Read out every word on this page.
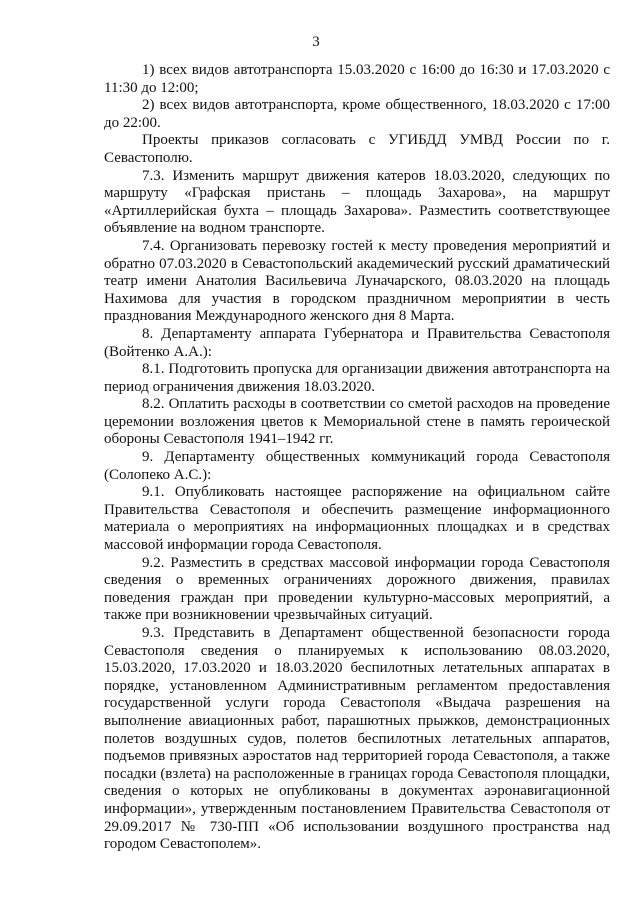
3

1) всех видов автотранспорта 15.03.2020 с 16:00 до 16:30 и 17.03.2020 с 11:30 до 12:00;

2) всех видов автотранспорта, кроме общественного, 18.03.2020 с 17:00 до 22:00.

Проекты приказов согласовать с УГИБДД УМВД России по г. Севастополю.

7.3. Изменить маршрут движения катеров 18.03.2020, следующих по маршруту «Графская пристань – площадь Захарова», на маршрут «Артиллерийская бухта – площадь Захарова». Разместить соответствующее объявление на водном транспорте.

7.4. Организовать перевозку гостей к месту проведения мероприятий и обратно 07.03.2020 в Севастопольский академический русский драматический театр имени Анатолия Васильевича Луначарского, 08.03.2020 на площадь Нахимова для участия в городском праздничном мероприятии в честь празднования Международного женского дня 8 Марта.

8. Департаменту аппарата Губернатора и Правительства Севастополя (Войтенко А.А.):

8.1. Подготовить пропуска для организации движения автотранспорта на период ограничения движения 18.03.2020.

8.2. Оплатить расходы в соответствии со сметой расходов на проведение церемонии возложения цветов к Мемориальной стене в память героической обороны Севастополя 1941–1942 гг.

9. Департаменту общественных коммуникаций города Севастополя (Солопеко А.С.):

9.1. Опубликовать настоящее распоряжение на официальном сайте Правительства Севастополя и обеспечить размещение информационного материала о мероприятиях на информационных площадках и в средствах массовой информации города Севастополя.

9.2. Разместить в средствах массовой информации города Севастополя сведения о временных ограничениях дорожного движения, правилах поведения граждан при проведении культурно-массовых мероприятий, а также при возникновении чрезвычайных ситуаций.

9.3. Представить в Департамент общественной безопасности города Севастополя сведения о планируемых к использованию 08.03.2020, 15.03.2020, 17.03.2020 и 18.03.2020 беспилотных летательных аппаратах в порядке, установленном Административным регламентом предоставления государственной услуги города Севастополя «Выдача разрешения на выполнение авиационных работ, парашютных прыжков, демонстрационных полетов воздушных судов, полетов беспилотных летательных аппаратов, подъемов привязных аэростатов над территорией города Севастополя, а также посадки (взлета) на расположенные в границах города Севастополя площадки, сведения о которых не опубликованы в документах аэронавигационной информации», утвержденным постановлением Правительства Севастополя от 29.09.2017 № 730-ПП «Об использовании воздушного пространства над городом Севастополем».
